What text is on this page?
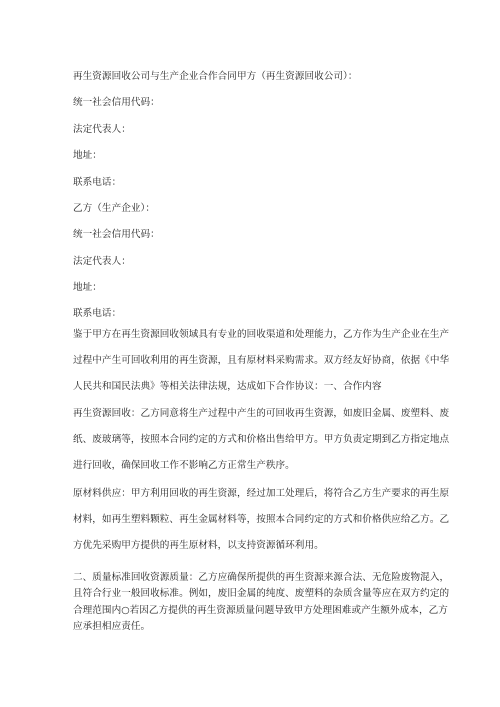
再生资源回收公司与生产企业合作合同甲方（再生资源回收公司）：
统一社会信用代码：
法定代表人：
地址：
联系电话：
乙方（生产企业）：
统一社会信用代码：
法定代表人：
地址：
联系电话：
鉴于甲方在再生资源回收领域具有专业的回收渠道和处理能力，乙方作为生产企业在生产
过程中产生可回收利用的再生资源，且有原材料采购需求。双方经友好协商，依据《中华
人民共和国民法典》等相关法律法规，达成如下合作协议：一、合作内容
再生资源回收：乙方同意将生产过程中产生的可回收再生资源，如废旧金属、废塑料、废
纸、废玻璃等，按照本合同约定的方式和价格出售给甲方。甲方负责定期到乙方指定地点
进行回收，确保回收工作不影响乙方正常生产秩序。
原材料供应：甲方利用回收的再生资源，经过加工处理后，将符合乙方生产要求的再生原
材料，如再生塑料颗粒、再生金属材料等，按照本合同约定的方式和价格供应给乙方。乙
方优先采购甲方提供的再生原材料，以支持资源循环利用。
二、质量标准回收资源质量：乙方应确保所提供的再生资源来源合法、无危险废物混入，
且符合行业一般回收标准。例如，废旧金属的纯度、废塑料的杂质含量等应在双方约定的
合理范围内○若因乙方提供的再生资源质量问题导致甲方处理困难或产生额外成本，乙方
应承担相应责任。
